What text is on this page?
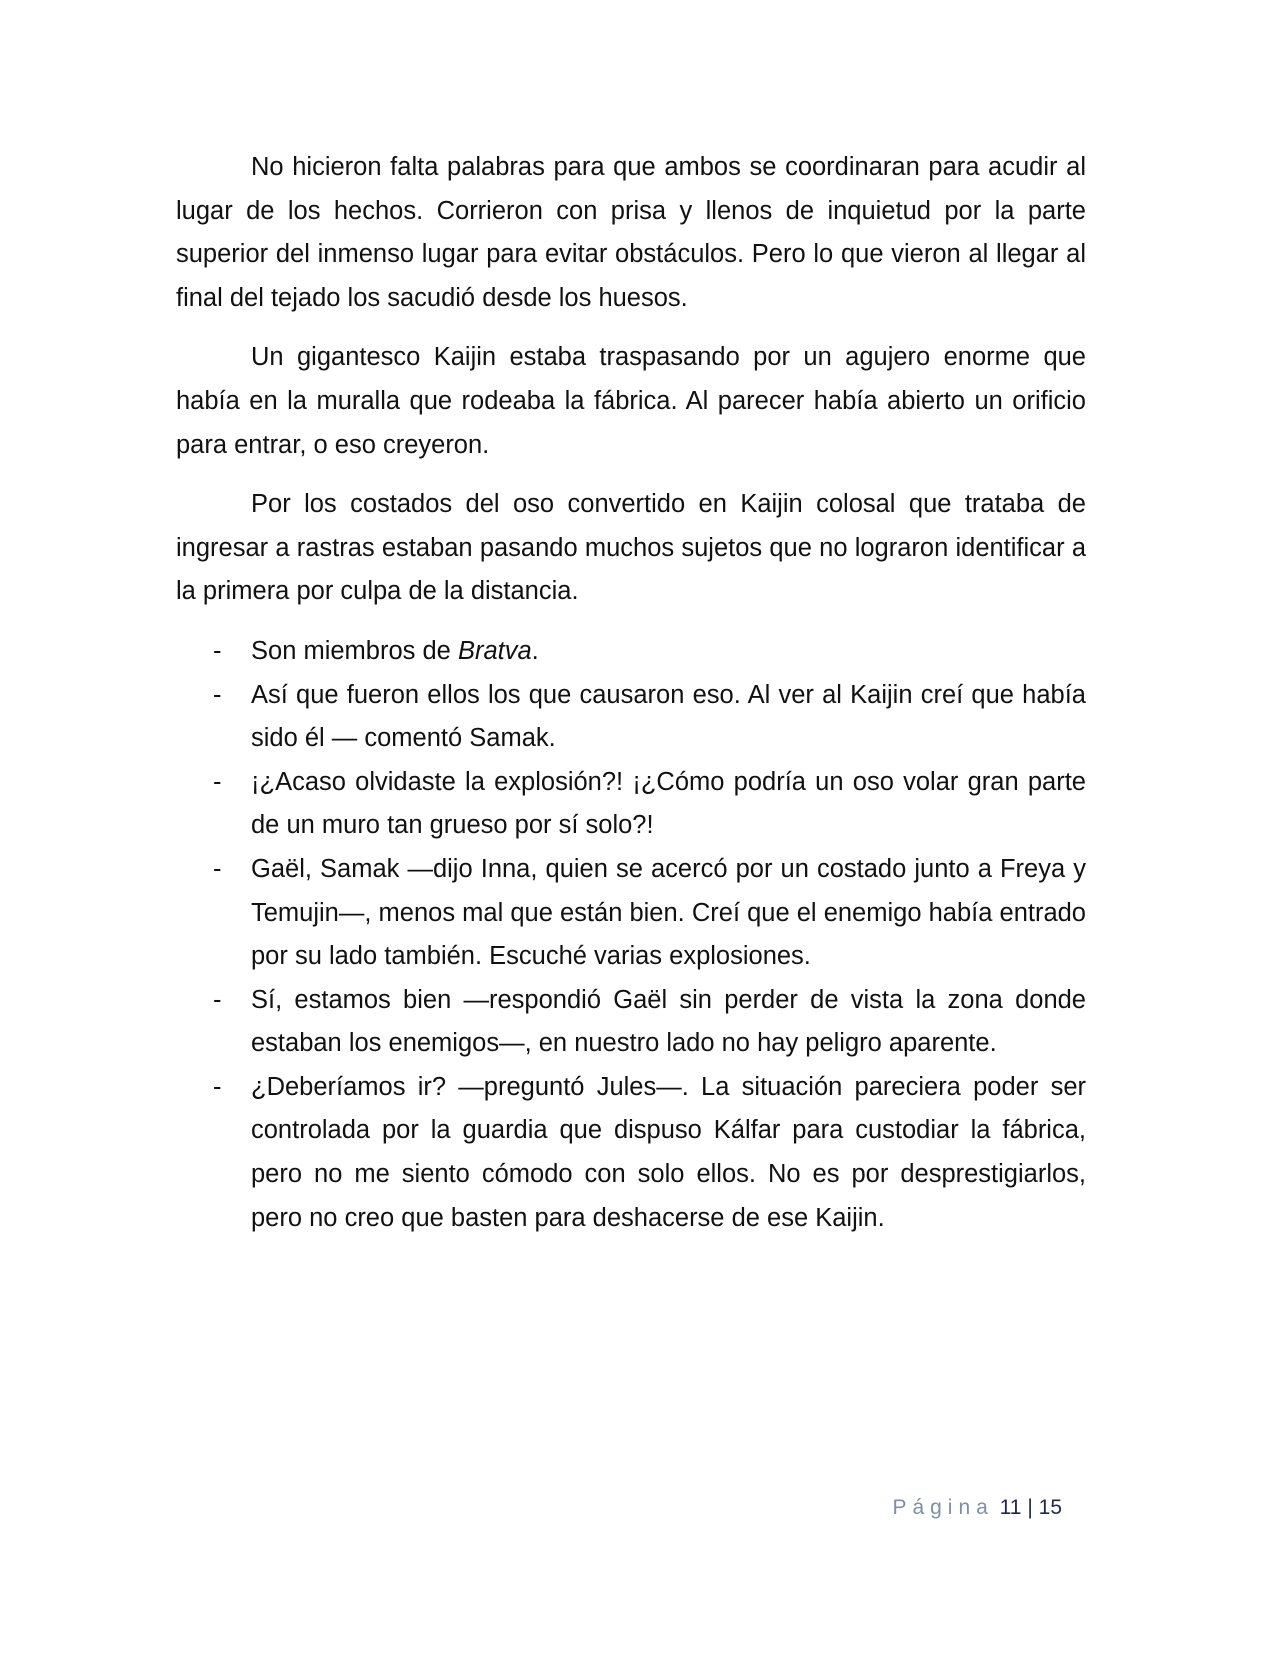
No hicieron falta palabras para que ambos se coordinaran para acudir al lugar de los hechos. Corrieron con prisa y llenos de inquietud por la parte superior del inmenso lugar para evitar obstáculos. Pero lo que vieron al llegar al final del tejado los sacudió desde los huesos.

Un gigantesco Kaijin estaba traspasando por un agujero enorme que había en la muralla que rodeaba la fábrica. Al parecer había abierto un orificio para entrar, o eso creyeron.

Por los costados del oso convertido en Kaijin colosal que trataba de ingresar a rastras estaban pasando muchos sujetos que no lograron identificar a la primera por culpa de la distancia.

- Son miembros de Bratva.
- Así que fueron ellos los que causaron eso. Al ver al Kaijin creí que había sido él — comentó Samak.
- ¡¿Acaso olvidaste la explosión?! ¡¿Cómo podría un oso volar gran parte de un muro tan grueso por sí solo?!
- Gaël, Samak —dijo Inna, quien se acercó por un costado junto a Freya y Temujin—, menos mal que están bien. Creí que el enemigo había entrado por su lado también. Escuché varias explosiones.
- Sí, estamos bien —respondió Gaël sin perder de vista la zona donde estaban los enemigos—, en nuestro lado no hay peligro aparente.
- ¿Deberíamos ir? —preguntó Jules—. La situación pareciera poder ser controlada por la guardia que dispuso Kálfar para custodiar la fábrica, pero no me siento cómodo con solo ellos. No es por desprestigiarlos, pero no creo que basten para deshacerse de ese Kaijin.
Página 11 | 15
